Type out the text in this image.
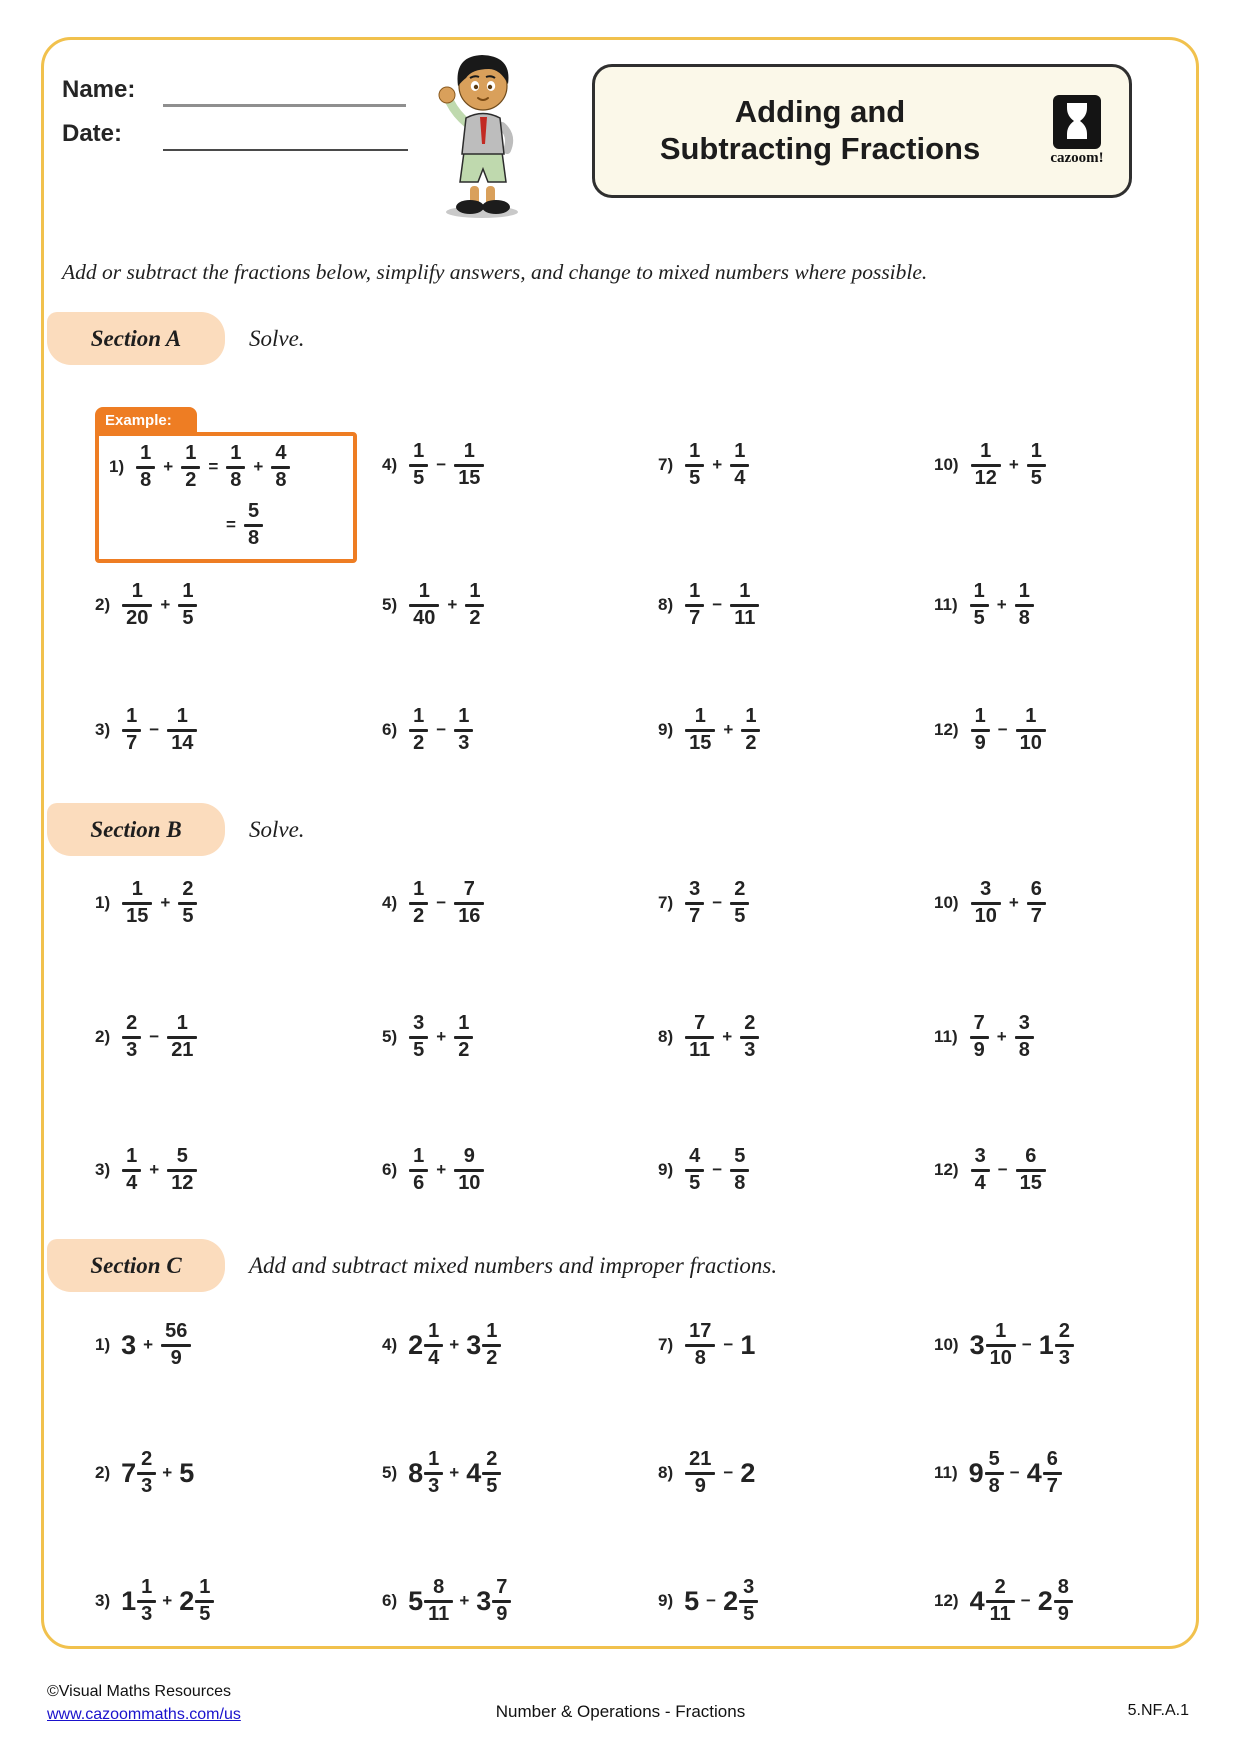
Name:
Date:
Adding and
Subtracting Fractions	cazoom!
Add or subtract the fractions below, simplify answers, and change to mixed numbers where possible.
Section A	Solve.
Section B	Solve.
Section C	Add and subtract mixed numbers and improper fractions.
Example:
$1) \frac{1}{8} + \frac{1}{2} = \frac{1}{8} + \frac{4}{8}$
= $\frac{5}{8}$
$2) \frac{1}{20} + \frac{1}{5}$
$3) \frac{1}{7} - \frac{1}{14}$
$4) \frac{1}{5} - \frac{1}{15}$
$5) \frac{1}{40} + \frac{1}{2}$
$6) \frac{1}{2} - \frac{1}{3}$
$7) \frac{1}{5} + \frac{1}{4}$
$8) \frac{1}{7} - \frac{1}{11}$
$9) \frac{1}{15} + \frac{1}{2}$
$10) \frac{1}{12} + \frac{1}{5}$
$11) \frac{1}{5} + \frac{1}{8}$
$12) \frac{1}{9} - \frac{1}{10}$
$1) \frac{1}{15} + \frac{2}{5}$
$2) \frac{2}{3} - \frac{1}{21}$
$3) \frac{1}{4} + \frac{5}{12}$
$4) \frac{1}{2} - \frac{7}{16}$
$5) \frac{3}{5} + \frac{1}{2}$
$6) \frac{1}{6} + \frac{9}{10}$
$7) \frac{3}{7} - \frac{2}{5}$
$8) \frac{7}{11} + \frac{2}{3}$
$9) \frac{4}{5} - \frac{5}{8}$
$10) \frac{3}{10} + \frac{6}{7}$
$11) \frac{7}{9} + \frac{3}{8}$
$12) \frac{3}{4} - \frac{6}{15}$
1) $3 + \frac{56}{9}$
2) $7 \frac{2}{3} + 5$
3) $1 \frac{1}{3} + 2 \frac{1}{5}$
4) $2 \frac{1}{4} + 3 \frac{1}{2}$
5) $8 \frac{1}{3} + 4 \frac{2}{5}$
6) $5 \frac{8}{11} + 3 \frac{7}{9}$
$7) \frac{17}{8} - 1$
$8) \frac{21}{9} - 2$
9) $5 - 2 \frac{3}{5}$
10) $3 \frac{1}{10} - 1 \frac{2}{3}$
11) $9 \frac{5}{8} - 4 \frac{6}{7}$
12) $4 \frac{2}{11} - 2 \frac{8}{9}$
©Visual Maths Resources
www.cazoommaths.com/us	Number & Operations - Fractions	5.NF.A.1
